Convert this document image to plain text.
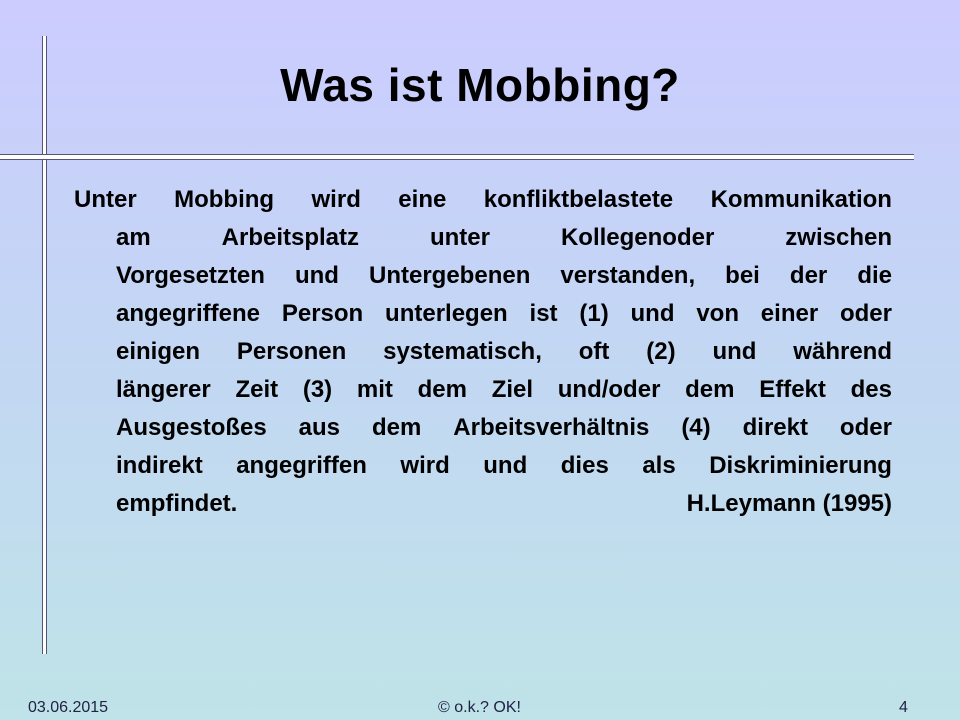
Was ist Mobbing?
Unter Mobbing wird eine konfliktbelastete Kommunikation
am	Arbeitsplatz	unter	Kollegenoder	zwischen
Vorgesetzten und Untergebenen verstanden, bei der die
angegriffene Person unterlegen ist (1) und von einer oder
einigen Personen systematisch, oft (2) und während
längerer Zeit (3) mit dem Ziel und/oder dem Effekt des
Ausgestoßes aus dem Arbeitsverhältnis (4) direkt oder
indirekt angegriffen wird und dies als Diskriminierung
empfindet.	H.Leymann (1995)
03.06.2015	© o.k.? OK!	4
